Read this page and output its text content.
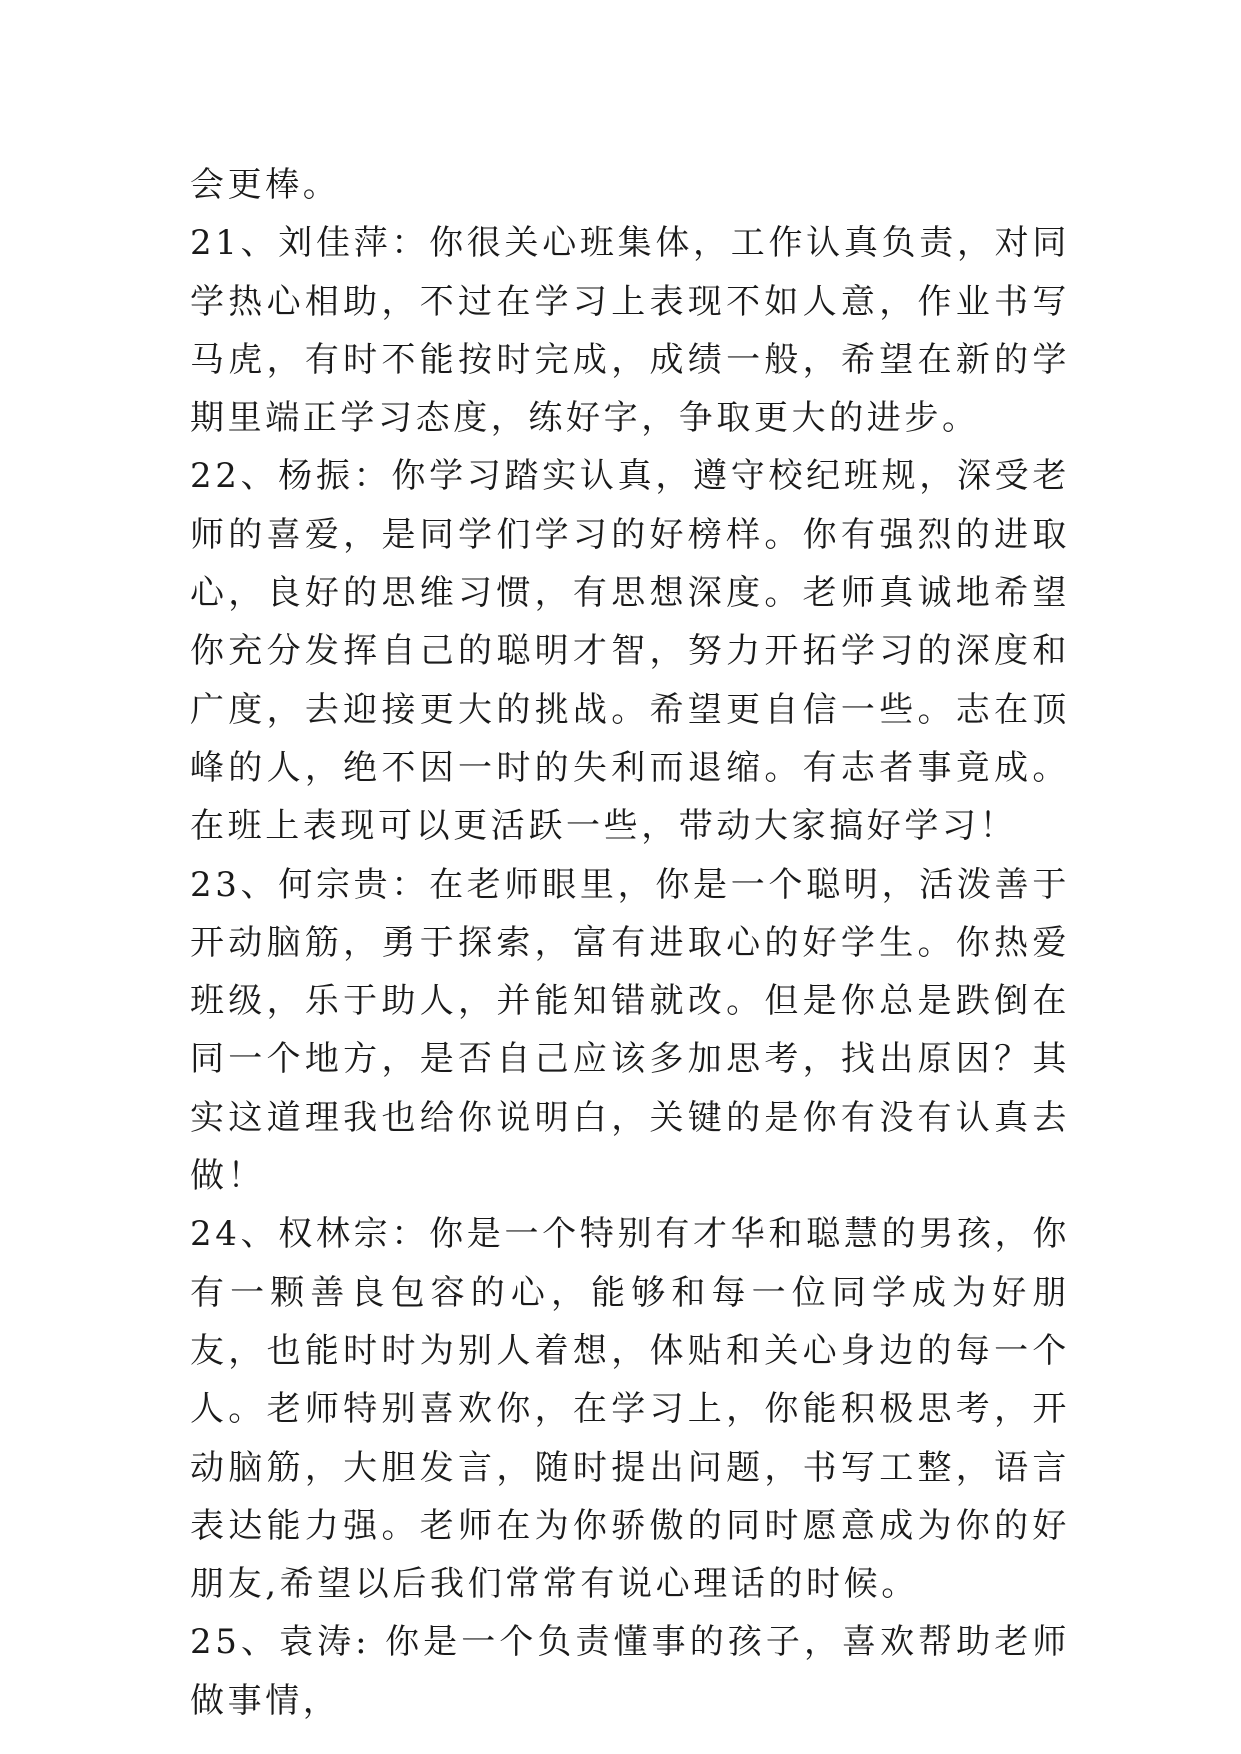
会更棒。

21、刘佳萍：你很关心班集体，工作认真负责，对同学热心相助，不过在学习上表现不如人意，作业书写马虎，有时不能按时完成，成绩一般，希望在新的学期里端正学习态度，练好字，争取更大的进步。

22、杨振：你学习踏实认真，遵守校纪班规，深受老师的喜爱，是同学们学习的好榜样。你有强烈的进取心，良好的思维习惯，有思想深度。老师真诚地希望你充分发挥自己的聪明才智，努力开拓学习的深度和广度，去迎接更大的挑战。希望更自信一些。志在顶峰的人，绝不因一时的失利而退缩。有志者事竟成。在班上表现可以更活跃一些，带动大家搞好学习！

23、何宗贵：在老师眼里，你是一个聪明，活泼善于开动脑筋，勇于探索，富有进取心的好学生。你热爱班级，乐于助人，并能知错就改。但是你总是跌倒在同一个地方，是否自己应该多加思考，找出原因？其实这道理我也给你说明白，关键的是你有没有认真去做！

24、权林宗：你是一个特别有才华和聪慧的男孩，你有一颗善良包容的心，能够和每一位同学成为好朋友，也能时时为别人着想，体贴和关心身边的每一个人。老师特别喜欢你，在学习上，你能积极思考，开动脑筋，大胆发言，随时提出问题，书写工整，语言表达能力强。老师在为你骄傲的同时愿意成为你的好朋友,希望以后我们常常有说心理话的时候。

25、袁涛: 你是一个负责懂事的孩子，喜欢帮助老师做事情，
